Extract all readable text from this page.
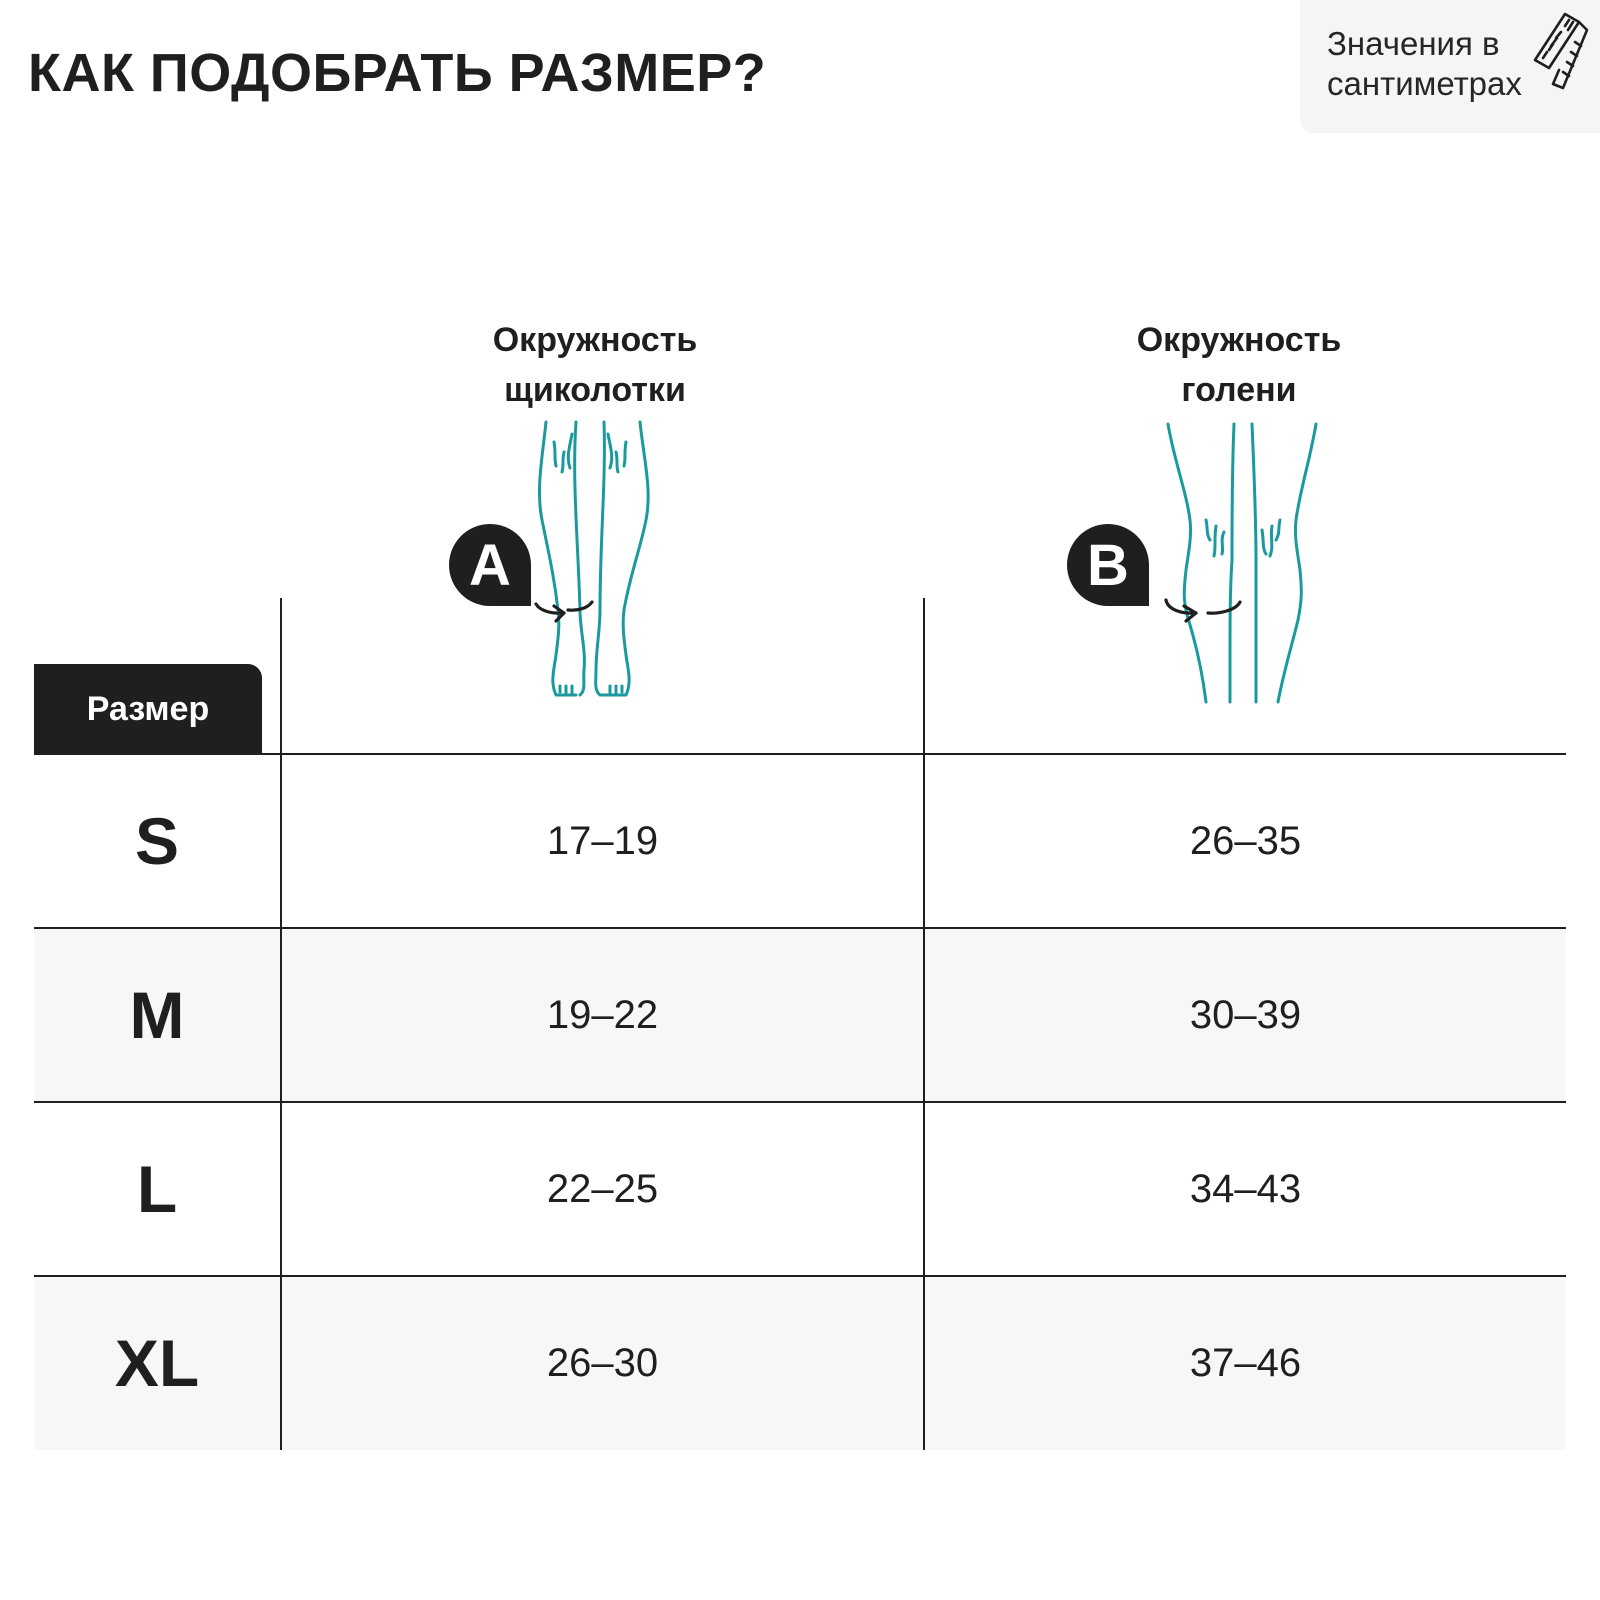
КАК ПОДОБРАТЬ РАЗМЕР?	Значения в
сантиметрах
Окружность
щиколотки
Окружность
голени
A	B
Размер
S	17–19	26–35
M	19–22	30–39
L	22–25	34–43
XL	26–30	37–46
